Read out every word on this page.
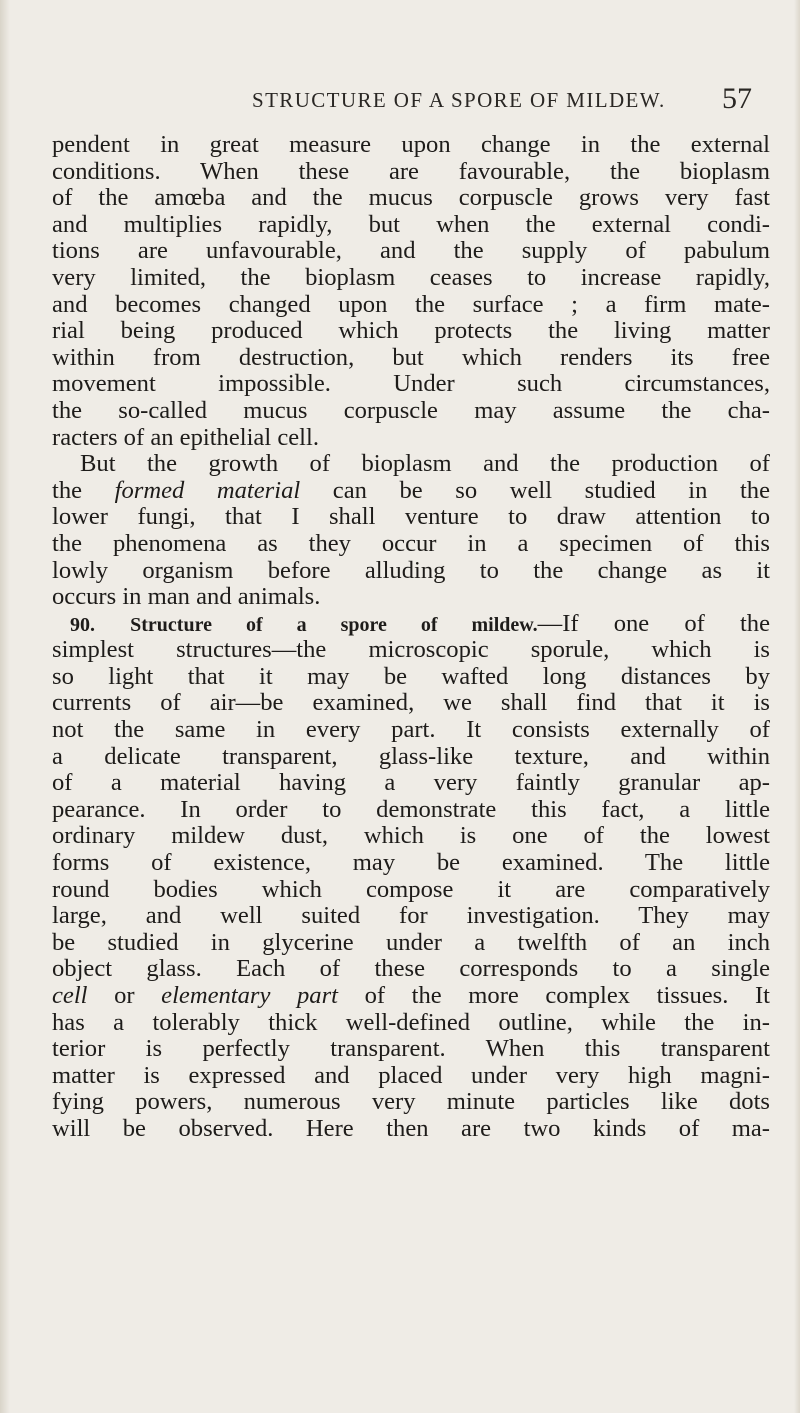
STRUCTURE OF A SPORE OF MILDEW. 57
pendent in great measure upon change in the external
conditions. When these are favourable, the bioplasm
of the amœba and the mucus corpuscle grows very fast
and multiplies rapidly, but when the external condi-
tions are unfavourable, and the supply of pabulum
very limited, the bioplasm ceases to increase rapidly,
and becomes changed upon the surface ; a firm mate-
rial being produced which protects the living matter
within from destruction, but which renders its free
movement impossible. Under such circumstances,
the so-called mucus corpuscle may assume the cha-
racters of an epithelial cell.
But the growth of bioplasm and the production of
the formed material can be so well studied in the
lower fungi, that I shall venture to draw attention to
the phenomena as they occur in a specimen of this
lowly organism before alluding to the change as it
occurs in man and animals.
90. Structure of a spore of mildew.—If one of the
simplest structures—the microscopic sporule, which is
so light that it may be wafted long distances by
currents of air—be examined, we shall find that it is
not the same in every part. It consists externally of
a delicate transparent, glass-like texture, and within
of a material having a very faintly granular ap-
pearance. In order to demonstrate this fact, a little
ordinary mildew dust, which is one of the lowest
forms of existence, may be examined. The little
round bodies which compose it are comparatively
large, and well suited for investigation. They may
be studied in glycerine under a twelfth of an inch
object glass. Each of these corresponds to a single
cell or elementary part of the more complex tissues. It
has a tolerably thick well-defined outline, while the in-
terior is perfectly transparent. When this transparent
matter is expressed and placed under very high magni-
fying powers, numerous very minute particles like dots
will be observed. Here then are two kinds of ma-
